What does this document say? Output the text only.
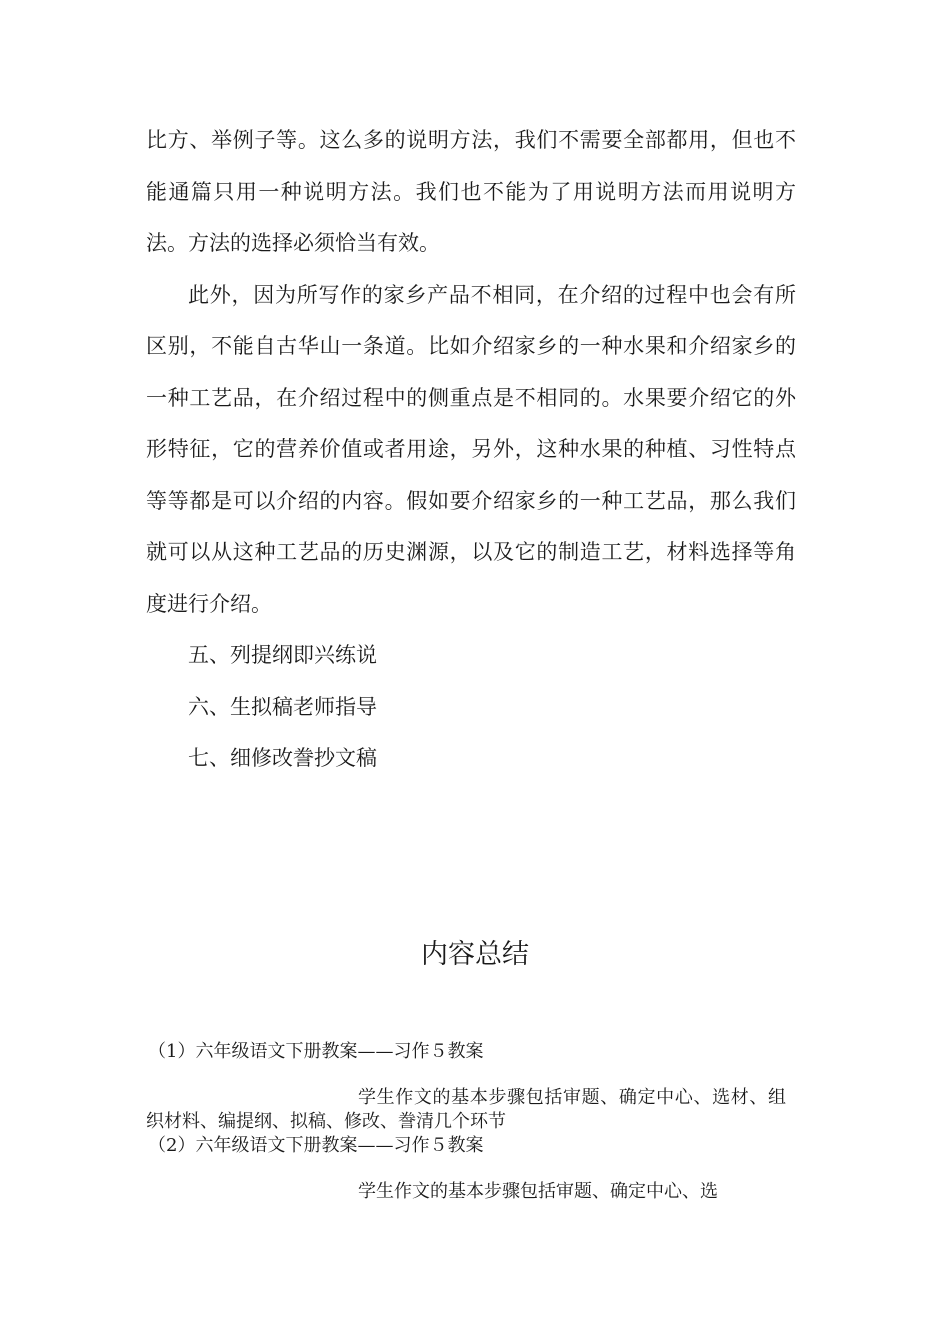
比方、举例子等。这么多的说明方法，我们不需要全部都用，但也不能通篇只用一种说明方法。我们也不能为了用说明方法而用说明方法。方法的选择必须恰当有效。

此外，因为所写作的家乡产品不相同，在介绍的过程中也会有所区别，不能自古华山一条道。比如介绍家乡的一种水果和介绍家乡的一种工艺品，在介绍过程中的侧重点是不相同的。水果要介绍它的外形特征，它的营养价值或者用途，另外，这种水果的种植、习性特点等等都是可以介绍的内容。假如要介绍家乡的一种工艺品，那么我们就可以从这种工艺品的历史渊源，以及它的制造工艺，材料选择等角度进行介绍。

五、列提纲即兴练说

六、生拟稿老师指导

七、细修改誊抄文稿

内容总结

（1）六年级语文下册教案——习作５教案

学生作文的基本步骤包括审题、确定中心、选材、组织材料、编提纲、拟稿、修改、誊清几个环节

（2）六年级语文下册教案——习作５教案

学生作文的基本步骤包括审题、确定中心、选
